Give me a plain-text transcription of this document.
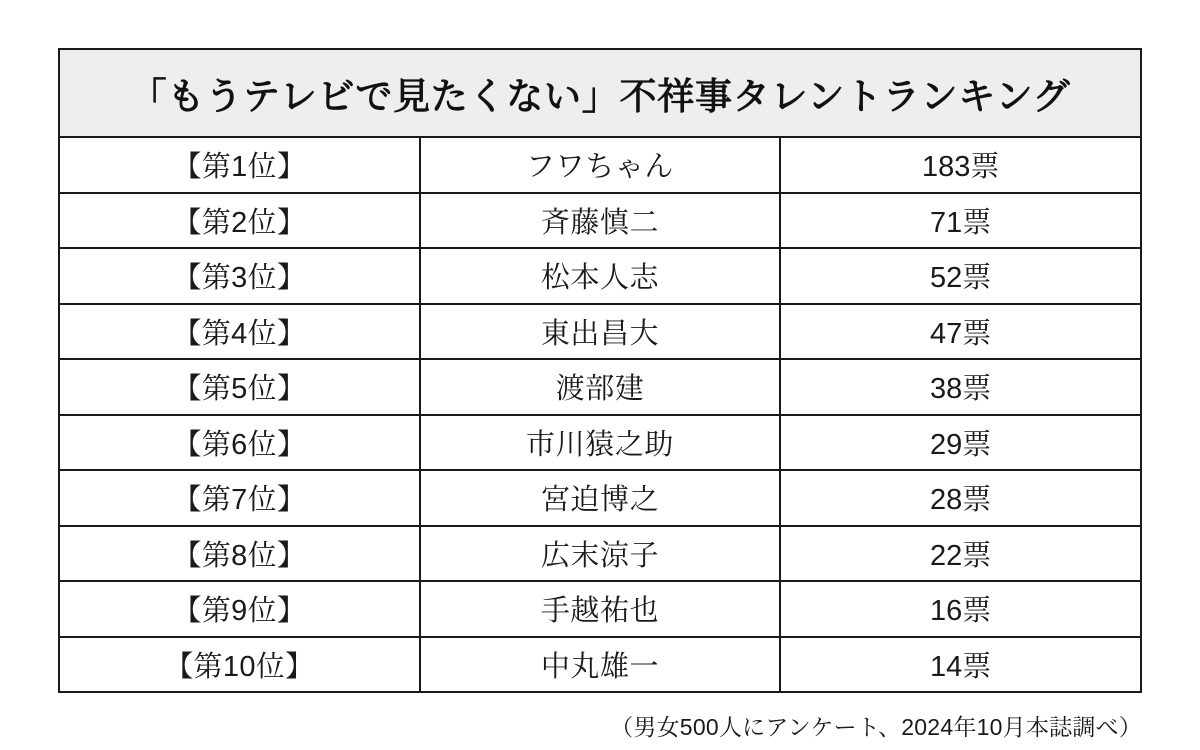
「もうテレビで見たくない」不祥事タレントランキング		
【第1位】	フワちゃん	183票
【第2位】	斉藤慎二	71票
【第3位】	松本人志	52票
【第4位】	東出昌大	47票
【第5位】	渡部建	38票
【第6位】	市川猿之助	29票
【第7位】	宮迫博之	28票
【第8位】	広末涼子	22票
【第9位】	手越祐也	16票
【第10位】	中丸雄一	14票
（男女500人にアンケート、2024年10月本誌調べ）
